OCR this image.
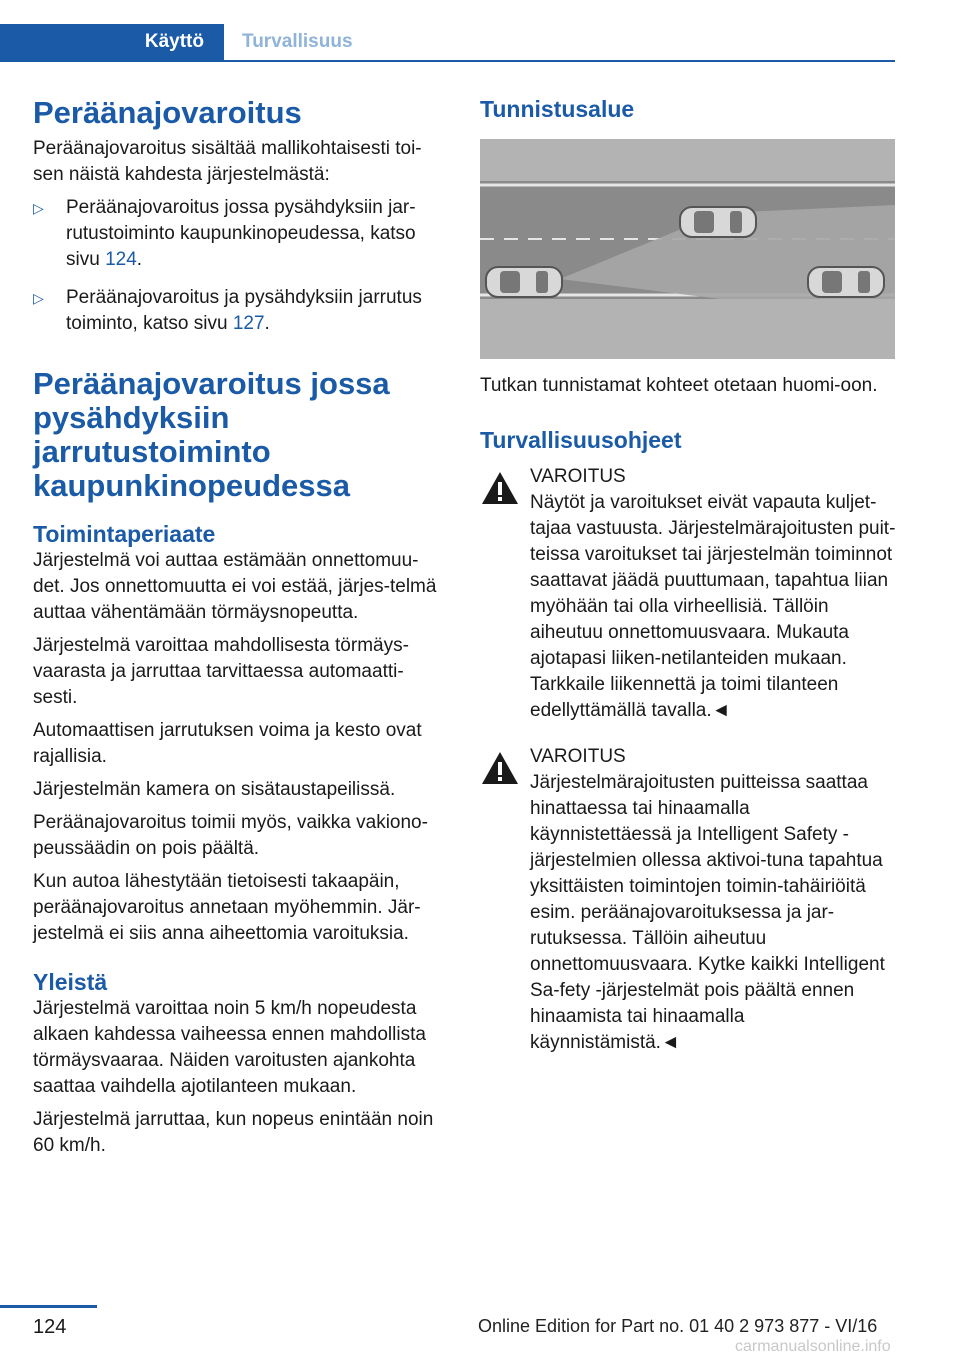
Käyttö	Turvallisuus
Peräänajovaroitus

Peräänajovaroitus sisältää mallikohtaisesti toi-sen näistä kahdesta järjestelmästä:

▷ Peräänajovaroitus jossa pysähdyksiin jar-rutustoiminto kaupunkinopeudessa, katso sivu 124.
▷ Peräänajovaroitus ja pysähdyksiin jarrutus toiminto, katso sivu 127.
Peräänajovaroitus jossa pysähdyksiin jarrutustoiminto kaupunkinopeudessa
Toimintaperiaate

Järjestelmä voi auttaa estämään onnettomuu-det. Jos onnettomuutta ei voi estää, järjes-telmä auttaa vähentämään törmäysnopeutta.

Järjestelmä varoittaa mahdollisesta törmäys-vaarasta ja jarruttaa tarvittaessa automaatti-sesti.

Automaattisen jarrutuksen voima ja kesto ovat rajallisia.

Järjestelmän kamera on sisätaustapeilissä.

Peräänajovaroitus toimii myös, vaikka vakiono-peussäädin on pois päältä.

Kun autoa lähestytään tietoisesti takaapäin, peräänajovaroitus annetaan myöhemmin. Jär-jestelmä ei siis anna aiheettomia varoituksia.

Yleistä

Järjestelmä varoittaa noin 5 km/h nopeudesta alkaen kahdessa vaiheessa ennen mahdollista törmäysvaaraa. Näiden varoitusten ajankohta saattaa vaihdella ajotilanteen mukaan.

Järjestelmä jarruttaa, kun nopeus enintään noin 60 km/h.

Tunnistusalue

Tutkan tunnistamat kohteet otetaan huomi-oon.

Turvallisuusohjeet

VAROITUS

Näytöt ja varoitukset eivät vapauta kuljet-tajaa vastuusta. Järjestelmärajoitusten puit-teissa varoitukset tai järjestelmän toiminnot saattavat jäädä puuttumaan, tapahtua liian myöhään tai olla virheellisiä. Tällöin aiheutuu onnettomuusvaara. Mukauta ajotapasi liiken-netilanteiden mukaan. Tarkkaile liikennettä ja toimi tilanteen edellyttämällä tavalla.◄

VAROITUS

Järjestelmärajoitusten puitteissa saattaa hinattaessa tai hinaamalla käynnistettäessä ja Intelligent Safety -järjestelmien ollessa aktivoi-tuna tapahtua yksittäisten toimintojen toimin-tahäiriöitä esim. peräänajovaroituksessa ja jar-rutuksessa. Tällöin aiheutuu onnettomuusvaara. Kytke kaikki Intelligent Sa-fety -järjestelmät pois päältä ennen hinaamista tai hinaamalla käynnistämistä.◄

124	Online Edition for Part no. 01 40 2 973 877 - VI/16
carmanualsonline.info
